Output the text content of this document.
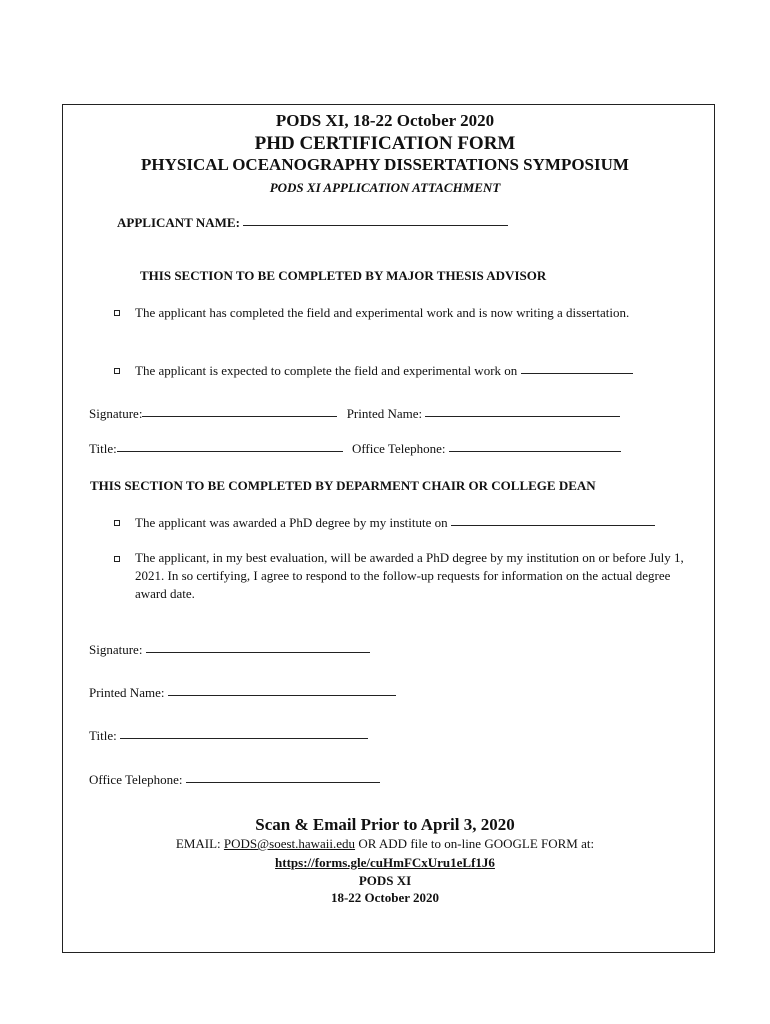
PODS XI, 18-22 October 2020
PHD CERTIFICATION FORM
PHYSICAL OCEANOGRAPHY DISSERTATIONS SYMPOSIUM
PODS XI APPLICATION ATTACHMENT
APPLICANT NAME:
THIS SECTION TO BE COMPLETED BY MAJOR THESIS ADVISOR
The applicant has completed the field and experimental work and is now writing a dissertation.
The applicant is expected to complete the field and experimental work on
Signature:	Printed Name:
Title:	Office Telephone:
THIS SECTION TO BE COMPLETED BY DEPARMENT CHAIR OR COLLEGE DEAN
The applicant was awarded a PhD degree by my institute on
The applicant, in my best evaluation, will be awarded a PhD degree by my institution on or before July 1, 2021. In so certifying, I agree to respond to the follow-up requests for information on the actual degree award date.
Signature:
Printed Name:
Title:
Office Telephone:
Scan & Email Prior to April 3, 2020
EMAIL: PODS@soest.hawaii.edu OR ADD file to on-line GOOGLE FORM at:
https://forms.gle/cuHmFCxUru1eLf1J6
PODS XI
18-22 October 2020
